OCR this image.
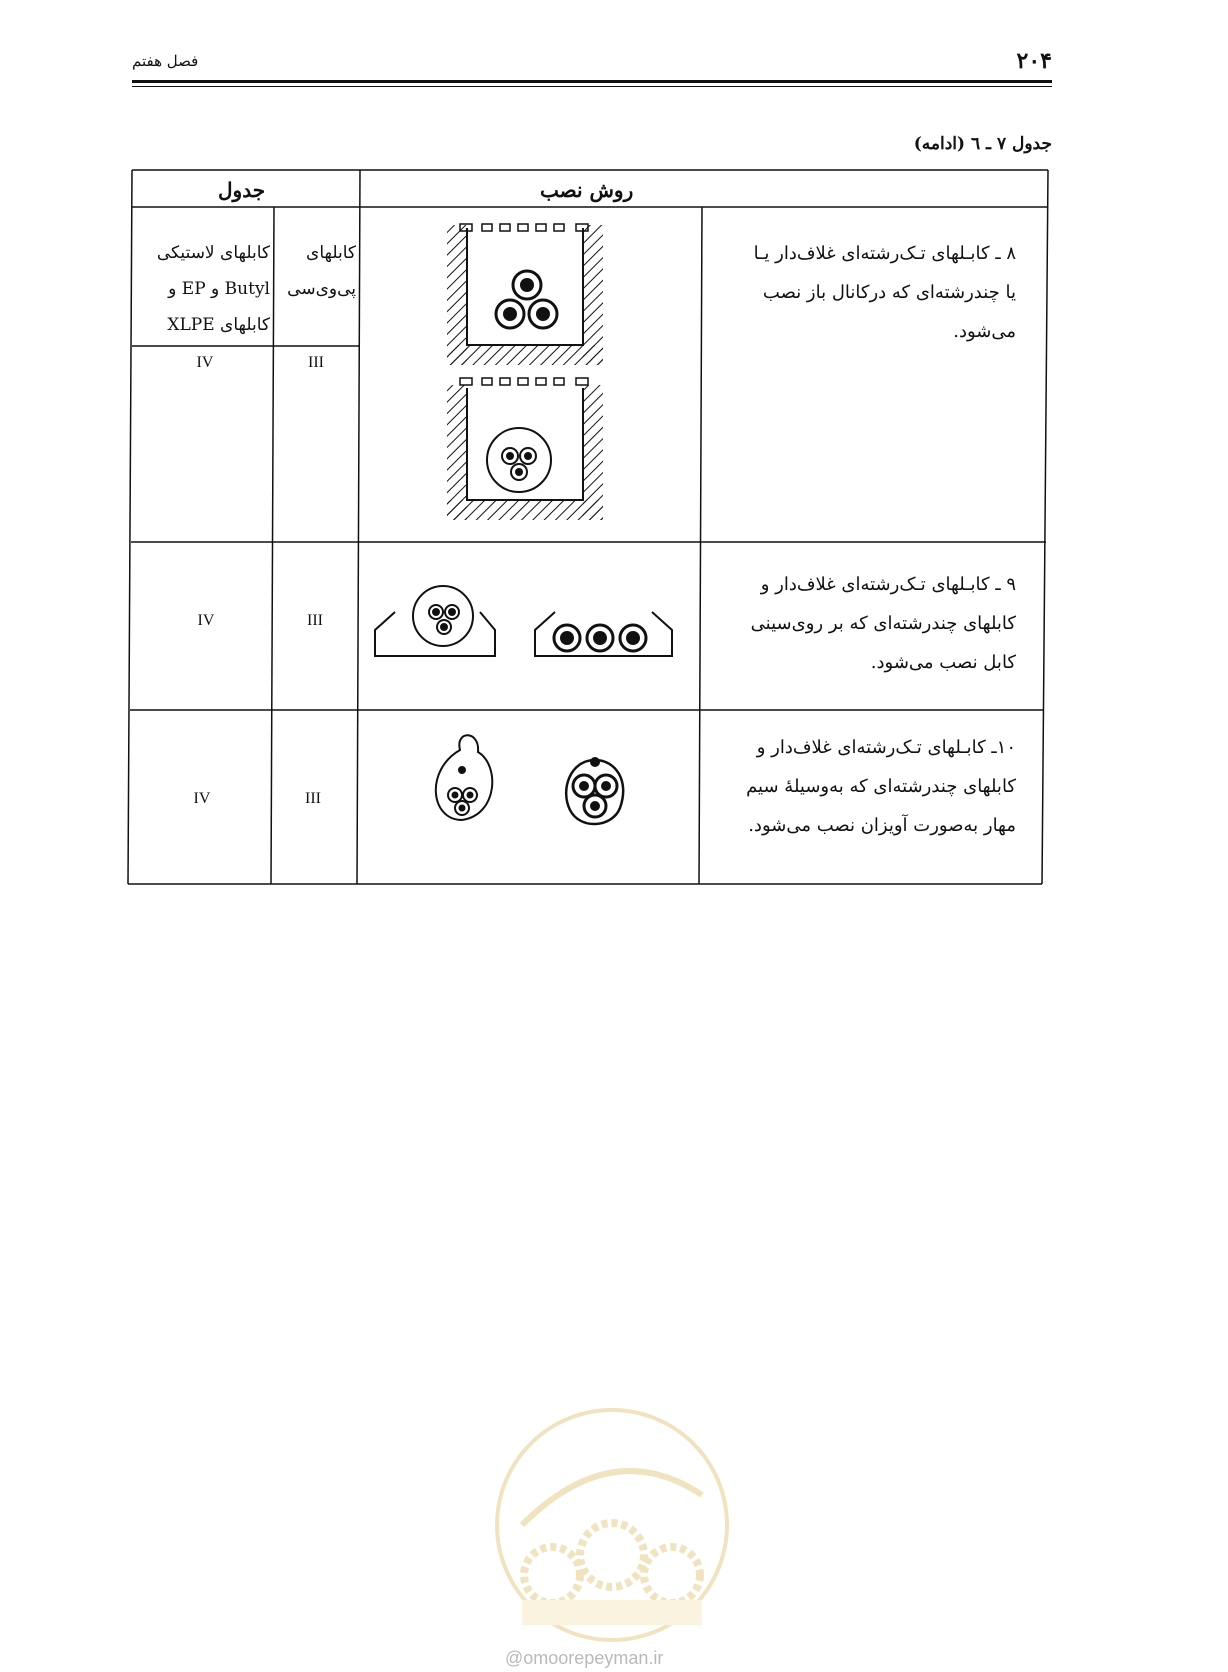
۲۰۴
فصل هفتم
جدول ۷ ـ ٦ (ادامه)
روش نصب
جدول
کابلهای
پی‌وی‌سی
کابلهای لاستیکی
Butyl و EP و
کابلهای XLPE
۸ ـ کابـلهای تـک‌رشته‌ای غلاف‌دار یـا
یا چندرشته‌ای که درکانال باز نصب
می‌شود.
III
IV
۹ ـ کابـلهای تـک‌رشته‌ای غلاف‌دار و
کابلهای چندرشته‌ای که بر روی‌سینی
کابل نصب می‌شود.
III
IV
۱۰ـ کابـلهای تـک‌رشته‌ای غلاف‌دار و
کابلهای چندرشته‌ای که به‌وسیلهٔ سیم
مهار به‌صورت آویزان نصب می‌شود.
III
IV
@omoorepeyman.ir
